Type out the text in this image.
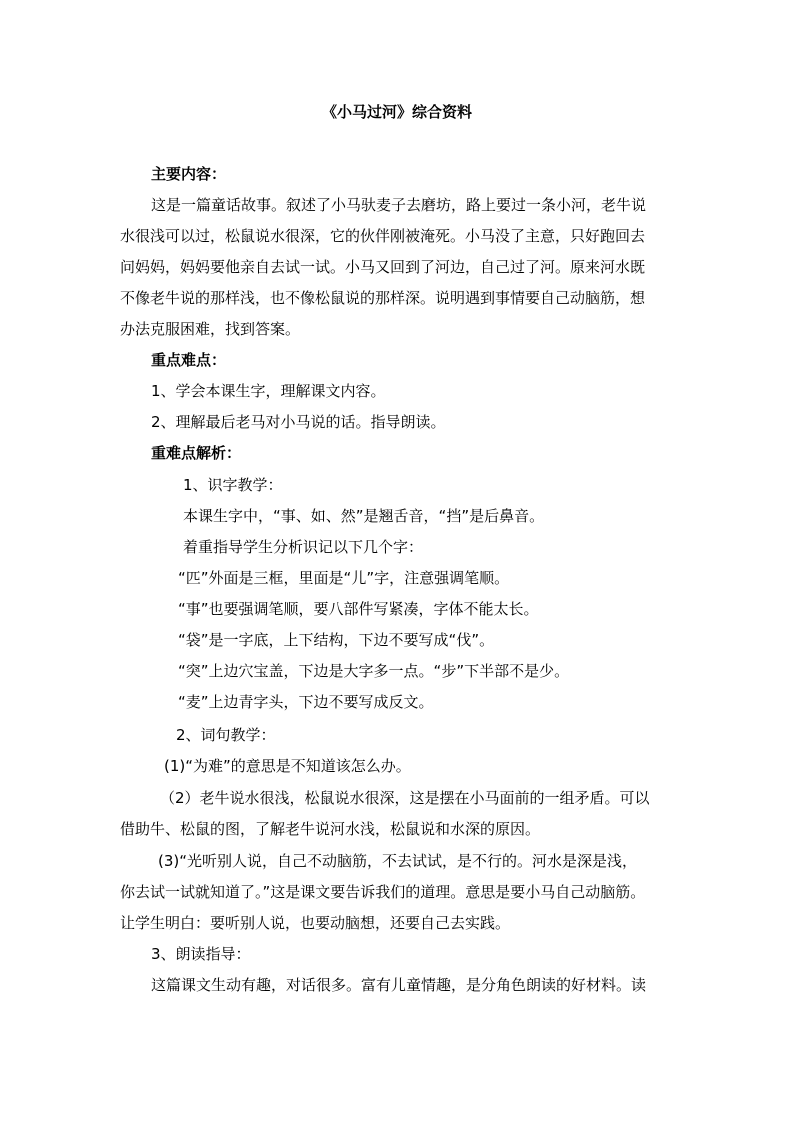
《小马过河》综合资料
主要内容：
这是一篇童话故事。叙述了小马驮麦子去磨坊，路上要过一条小河，老牛说
水很浅可以过，松鼠说水很深，它的伙伴刚被淹死。小马没了主意，只好跑回去
问妈妈，妈妈要他亲自去试一试。小马又回到了河边，自己过了河。原来河水既
不像老牛说的那样浅，也不像松鼠说的那样深。说明遇到事情要自己动脑筋，想
办法克服困难，找到答案。
重点难点：
1、学会本课生字，理解课文内容。
2、理解最后老马对小马说的话。指导朗读。
重难点解析：
1、识字教学：
本课生字中，“事、如、然”是翘舌音，“挡”是后鼻音。
着重指导学生分析识记以下几个字：
“匹”外面是三框，里面是“儿”字，注意强调笔顺。
“事”也要强调笔顺，要八部件写紧凑，字体不能太长。
“袋”是一字底，上下结构，下边不要写成“伐”。
“突”上边穴宝盖，下边是大字多一点。“步”下半部不是少。
“麦”上边青字头，下边不要写成反文。
2、词句教学：
(1)“为难”的意思是不知道该怎么办。
（2）老牛说水很浅，松鼠说水很深，这是摆在小马面前的一组矛盾。可以
借助牛、松鼠的图，了解老牛说河水浅，松鼠说和水深的原因。
(3)“光听别人说，自己不动脑筋，不去试试，是不行的。河水是深是浅，
你去试一试就知道了。”这是课文要告诉我们的道理。意思是要小马自己动脑筋。
让学生明白：要听别人说，也要动脑想，还要自己去实践。
3、朗读指导：
这篇课文生动有趣，对话很多。富有儿童情趣，是分角色朗读的好材料。读
